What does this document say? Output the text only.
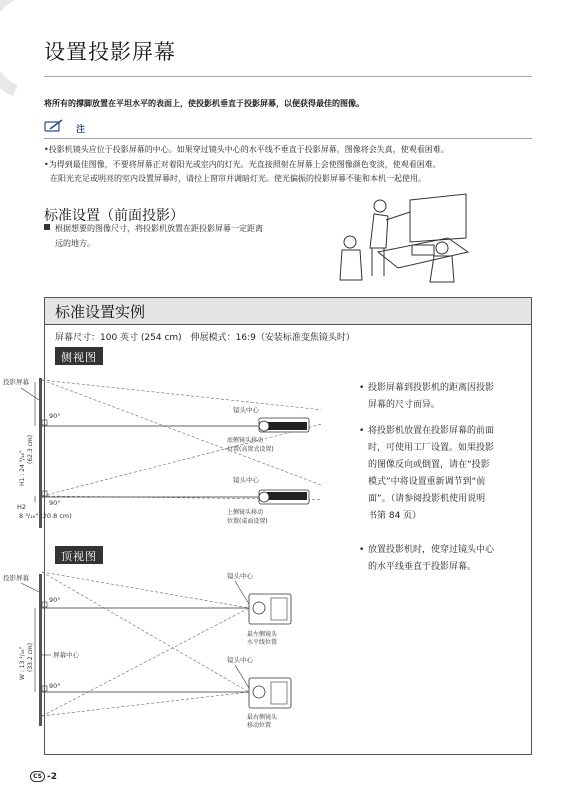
设置投影屏幕
将所有的撑脚放置在平坦水平的表面上，使投影机垂直于投影屏幕，以便获得最佳的图像。
注
•投影机镜头应位于投影屏幕的中心。如果穿过镜头中心的水平线不垂直于投影屏幕，图像将会失真，使观看困难。
•为得到最佳图像，不要将屏幕正对着阳光或室内的灯光。光直接照射在屏幕上会使图像颜色变淡，使观看困难。
在阳光充足或明亮的室内设置屏幕时，请拉上窗帘并调暗灯光。使光偏振的投影屏幕不能和本机一起使用。
标准设置（前面投影）
根据想要的图像尺寸，将投影机放置在距投影屏幕一定距离
远的地方。
标准设置实例
屏幕尺寸：100 英寸 (254 cm)　伸展模式：16:9（安装标准变焦镜头时）
侧视图
顶视图
投影屏幕
90°
90°
H1 : 24 ⁹/₁₆"
(62.3 cm)
H2
8 ³/₁₆" (20.8 cm)
镜头中心
底侧镜头移动
位置(高置式设置)
镜头中心
上侧镜头移动
位置(桌面设置)
投影屏幕
90°
90°
W : 13 ¹/₁₆" (33.2 cm)	屏幕中心
镜头中心
最左侧镜头
水平线位置
镜头中心
最右侧镜头
移动位置
• 投影屏幕到投影机的距离因投影
屏幕的尺寸而异。
• 将投影机放置在投影屏幕的前面
时，可使用工厂设置。如果投影
的图像反向或倒置，请在“投影
模式”中将设置重新调节到“前
面”。（请参阅投影机使用说明
书第 84 页）
• 放置投影机时，使穿过镜头中心
的水平线垂直于投影屏幕。
CS -2
